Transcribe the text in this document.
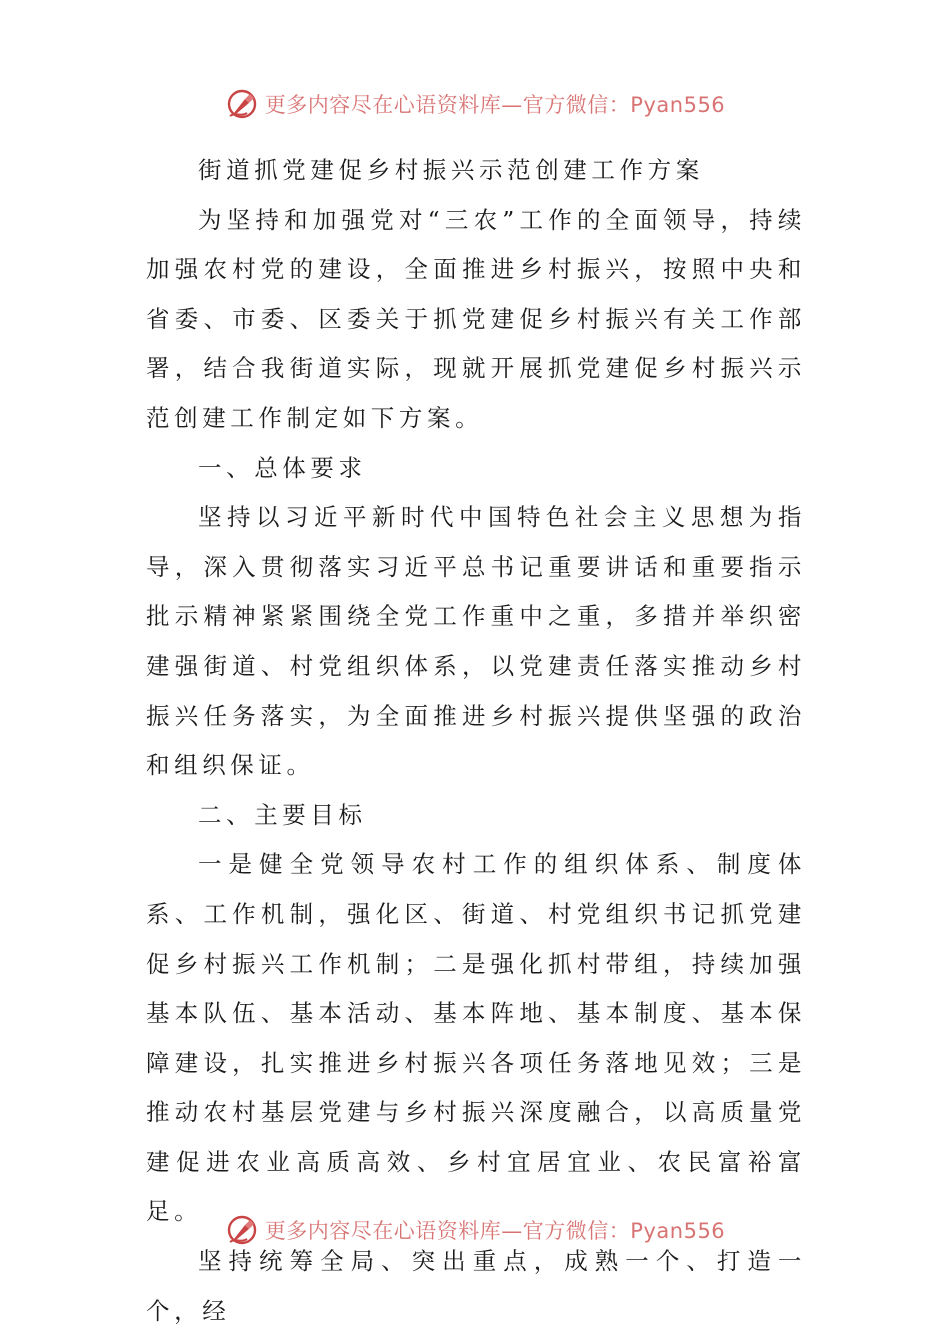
更多内容尽在心语资料库—官方微信：Pyan556

街道抓党建促乡村振兴示范创建工作方案

为坚持和加强党对“三农”工作的全面领导，持续加强农村党的建设，全面推进乡村振兴，按照中央和省委、市委、区委关于抓党建促乡村振兴有关工作部署，结合我街道实际，现就开展抓党建促乡村振兴示范创建工作制定如下方案。

一、总体要求

坚持以习近平新时代中国特色社会主义思想为指导，深入贯彻落实习近平总书记重要讲话和重要指示批示精神紧紧围绕全党工作重中之重，多措并举织密建强街道、村党组织体系，以党建责任落实推动乡村振兴任务落实，为全面推进乡村振兴提供坚强的政治和组织保证。

二、主要目标

一是健全党领导农村工作的组织体系、制度体系、工作机制，强化区、街道、村党组织书记抓党建促乡村振兴工作机制；二是强化抓村带组，持续加强基本队伍、基本活动、基本阵地、基本制度、基本保障建设，扎实推进乡村振兴各项任务落地见效；三是推动农村基层党建与乡村振兴深度融合，以高质量党建促进农业高质高效、乡村宜居宜业、农民富裕富足。

坚持统筹全局、突出重点，成熟一个、打造一个，经

更多内容尽在心语资料库—官方微信：Pyan556
